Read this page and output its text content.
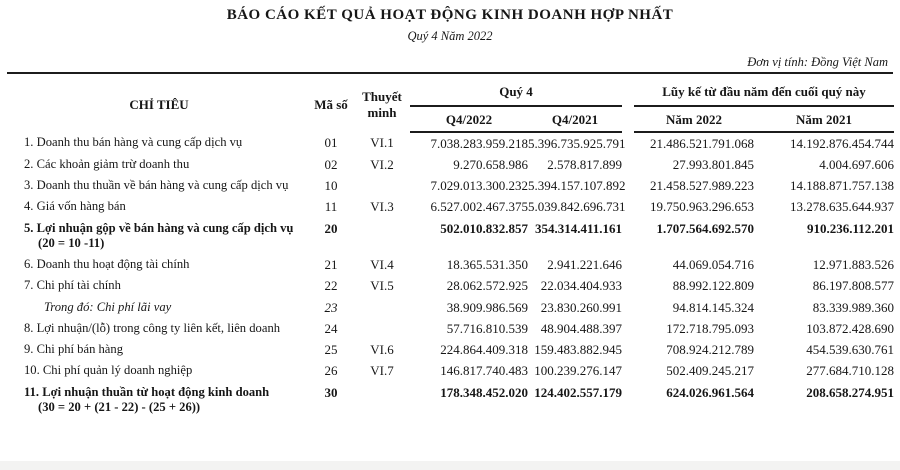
BÁO CÁO KẾT QUẢ HOẠT ĐỘNG KINH DOANH HỢP NHẤT
Quý 4 Năm 2022
Đơn vị tính: Đồng Việt Nam
CHỈ TIÊU	Mã số	Thuyết minh	Quý 4			Lũy kế từ đầu năm đến cuối quý này	
			Q4/2022	Q4/2021		Năm 2022	Năm 2021
1. Doanh thu bán hàng và cung cấp dịch vụ	01	VI.1	7.038.283.959.218	5.396.735.925.791		21.486.521.791.068	14.192.876.454.744
2. Các khoản giảm trừ doanh thu	02	VI.2	9.270.658.986	2.578.817.899		27.993.801.845	4.004.697.606
3. Doanh thu thuần về bán hàng và cung cấp dịch vụ	10		7.029.013.300.232	5.394.157.107.892		21.458.527.989.223	14.188.871.757.138
4. Giá vốn hàng bán	11	VI.3	6.527.002.467.375	5.039.842.696.731		19.750.963.296.653	13.278.635.644.937

5. Lợi nhuận gộp về bán hàng và cung cấp dịch vụ
(20 = 10 -11)	20		502.010.832.857	354.314.411.161		1.707.564.692.570	910.236.112.201
6. Doanh thu hoạt động tài chính	21	VI.4	18.365.531.350	2.941.221.646		44.069.054.716	12.971.883.526
7. Chi phí tài chính	22	VI.5	28.062.572.925	22.034.404.933		88.992.122.809	86.197.808.577

Trong đó: Chi phí lãi vay	23		38.909.986.569	23.830.260.991		94.814.145.324	83.339.989.360
8. Lợi nhuận/(lỗ) trong công ty liên kết, liên doanh	24		57.716.810.539	48.904.488.397		172.718.795.093	103.872.428.690
9. Chi phí bán hàng	25	VI.6	224.864.409.318	159.483.882.945		708.924.212.789	454.539.630.761
10. Chi phí quản lý doanh nghiệp	26	VI.7	146.817.740.483	100.239.276.147		502.409.245.217	277.684.710.128

11. Lợi nhuận thuần từ hoạt động kinh doanh
(30 = 20 + (21 - 22) - (25 + 26))	30		178.348.452.020	124.402.557.179		624.026.961.564	208.658.274.951
